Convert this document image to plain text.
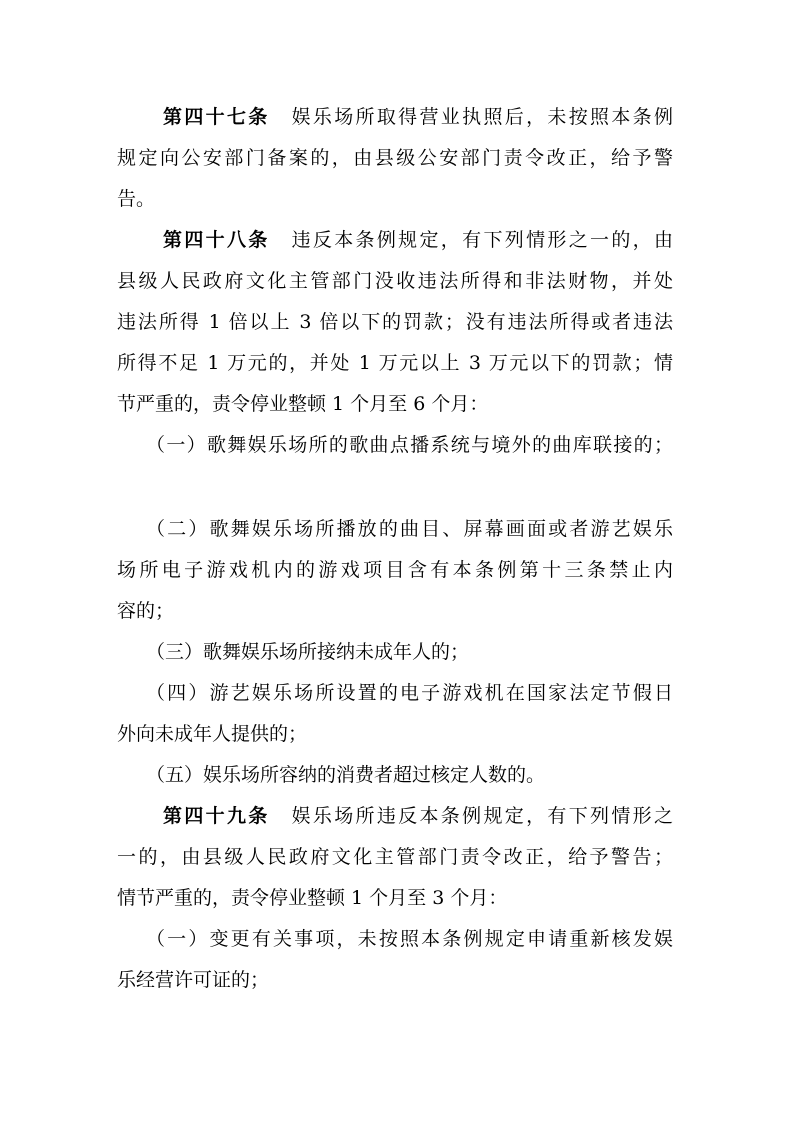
第四十七条 娱乐场所取得营业执照后，未按照本条例
规定向公安部门备案的，由县级公安部门责令改正，给予警
告。
第四十八条 违反本条例规定，有下列情形之一的，由
县级人民政府文化主管部门没收违法所得和非法财物，并处
违法所得 1 倍以上 3 倍以下的罚款；没有违法所得或者违法
所得不足 1 万元的，并处 1 万元以上 3 万元以下的罚款；情
节严重的，责令停业整顿 1 个月至 6 个月：
（一）歌舞娱乐场所的歌曲点播系统与境外的曲库联接的；
（二）歌舞娱乐场所播放的曲目、屏幕画面或者游艺娱乐
场所电子游戏机内的游戏项目含有本条例第十三条禁止内
容的；
（三）歌舞娱乐场所接纳未成年人的；
（四）游艺娱乐场所设置的电子游戏机在国家法定节假日
外向未成年人提供的；
（五）娱乐场所容纳的消费者超过核定人数的。
第四十九条 娱乐场所违反本条例规定，有下列情形之
一的，由县级人民政府文化主管部门责令改正，给予警告；
情节严重的，责令停业整顿 1 个月至 3 个月：
（一）变更有关事项，未按照本条例规定申请重新核发娱
乐经营许可证的；
